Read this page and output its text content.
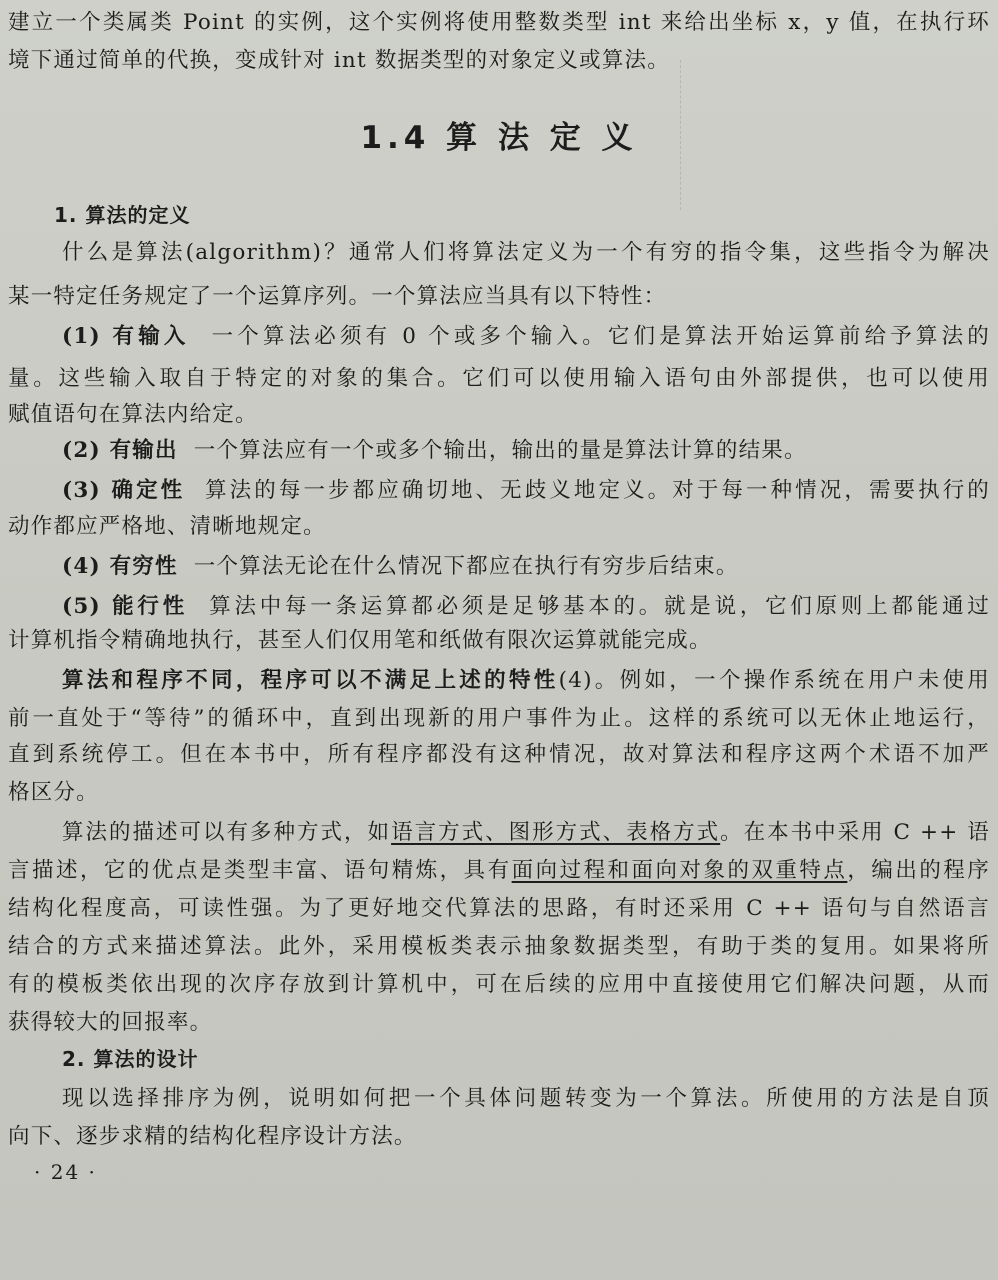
建立一个类属类 Point 的实例，这个实例将使用整数类型 int 来给出坐标 x，y 值，在执行环
境下通过简单的代换，变成针对 int 数据类型的对象定义或算法。
1.4 算 法 定 义
1. 算法的定义
什么是算法(algorithm)？通常人们将算法定义为一个有穷的指令集，这些指令为解决
某一特定任务规定了一个运算序列。一个算法应当具有以下特性：
(1) 有输入 一个算法必须有 0 个或多个输入。它们是算法开始运算前给予算法的
量。这些输入取自于特定的对象的集合。它们可以使用输入语句由外部提供，也可以使用
赋值语句在算法内给定。
(2) 有输出 一个算法应有一个或多个输出，输出的量是算法计算的结果。
(3) 确定性 算法的每一步都应确切地、无歧义地定义。对于每一种情况，需要执行的
动作都应严格地、清晰地规定。
(4) 有穷性 一个算法无论在什么情况下都应在执行有穷步后结束。
(5) 能行性 算法中每一条运算都必须是足够基本的。就是说，它们原则上都能通过
计算机指令精确地执行，甚至人们仅用笔和纸做有限次运算就能完成。
算法和程序不同，程序可以不满足上述的特性(4)。例如，一个操作系统在用户未使用
前一直处于“等待”的循环中，直到出现新的用户事件为止。这样的系统可以无休止地运行，
直到系统停工。但在本书中，所有程序都没有这种情况，故对算法和程序这两个术语不加严
格区分。
算法的描述可以有多种方式，如语言方式、图形方式、表格方式。在本书中采用 C ++ 语
言描述，它的优点是类型丰富、语句精炼，具有面向过程和面向对象的双重特点，编出的程序
结构化程度高，可读性强。为了更好地交代算法的思路，有时还采用 C ++ 语句与自然语言
结合的方式来描述算法。此外，采用模板类表示抽象数据类型，有助于类的复用。如果将所
有的模板类依出现的次序存放到计算机中，可在后续的应用中直接使用它们解决问题，从而
获得较大的回报率。
2. 算法的设计
现以选择排序为例，说明如何把一个具体问题转变为一个算法。所使用的方法是自顶
向下、逐步求精的结构化程序设计方法。
· 24 ·
